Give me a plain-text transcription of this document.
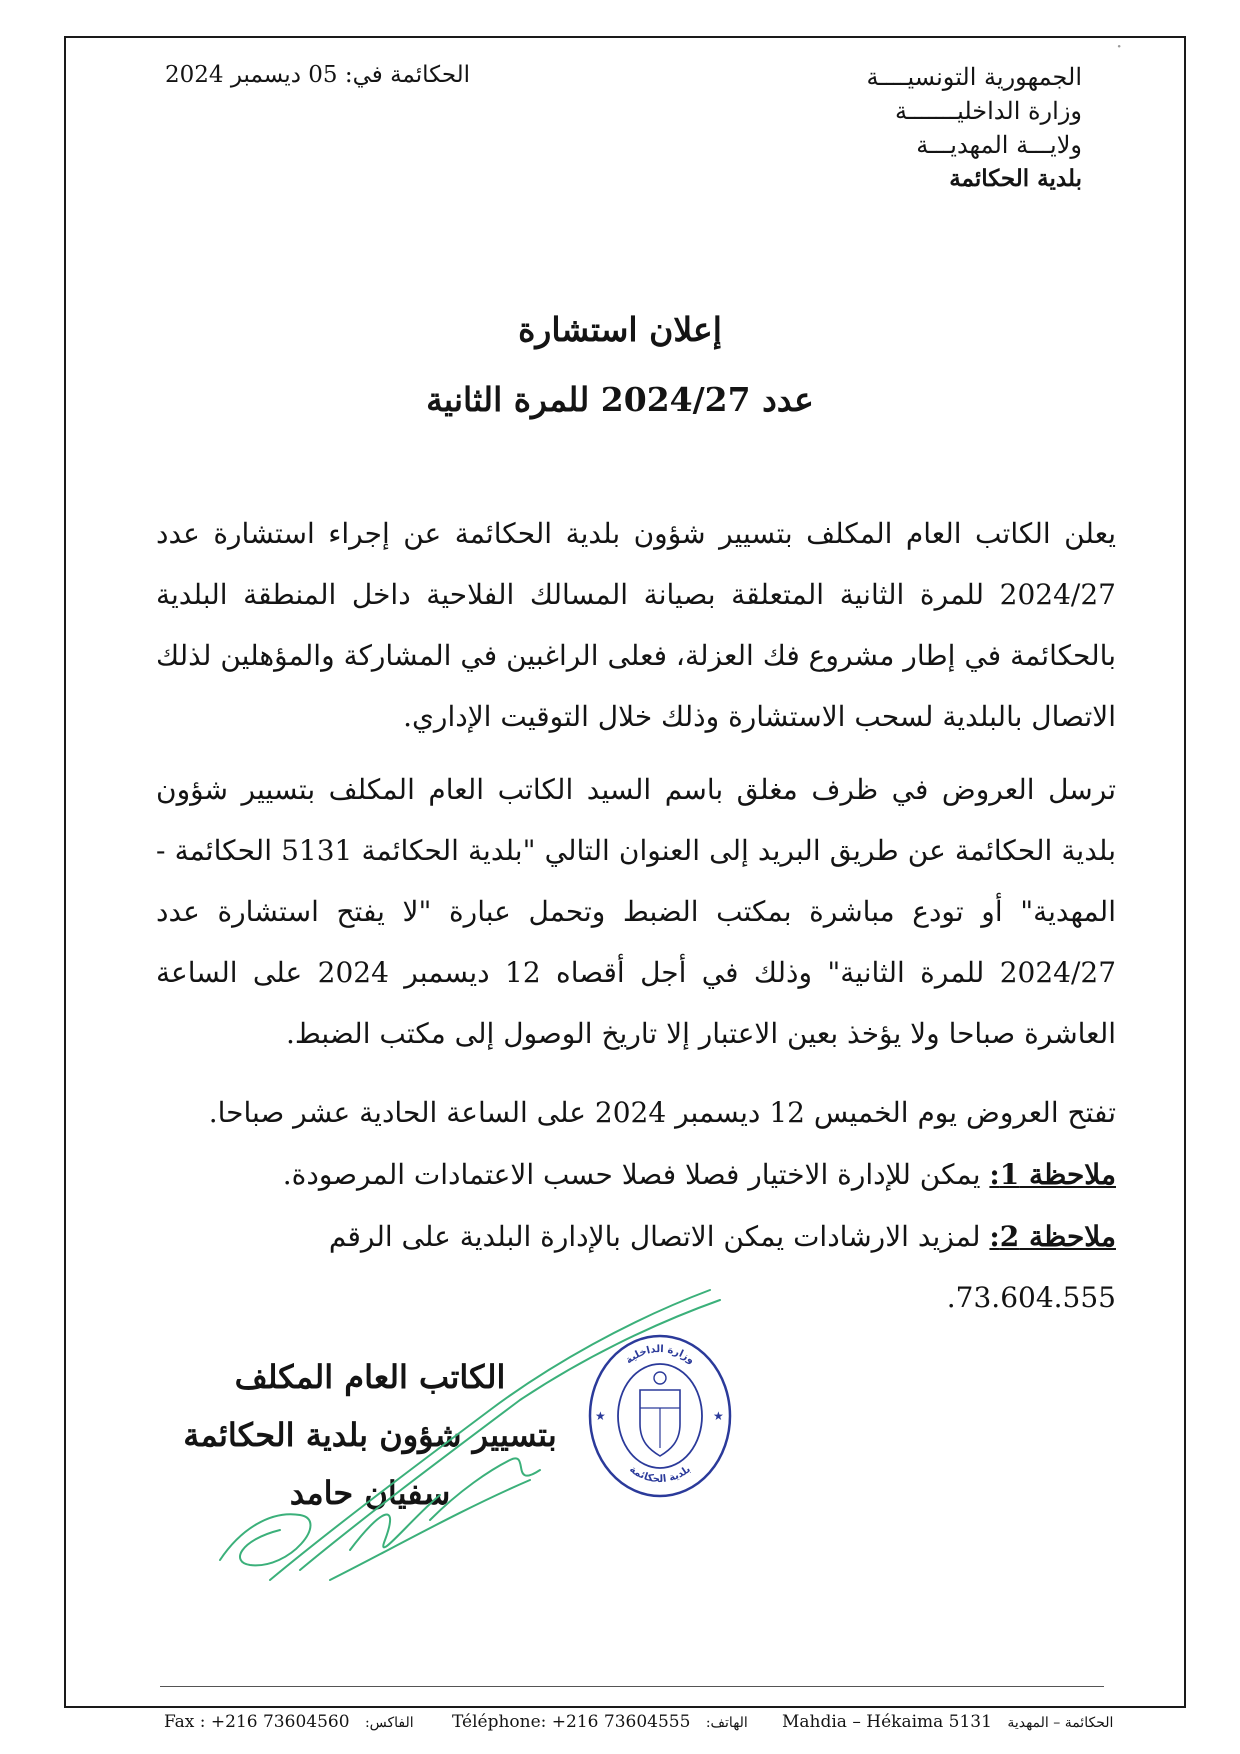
الجمهورية التونسيــــة
وزارة الداخليـــــــة
ولايـــة المهديـــة
بلدية الحكائمة
الحكائمة في: 05 ديسمبر 2024
إعلان استشارة
عدد 2024/27 للمرة الثانية
يعلن الكاتب العام المكلف بتسيير شؤون بلدية الحكائمة عن إجراء استشارة عدد 2024/27 للمرة الثانية المتعلقة بصيانة المسالك الفلاحية داخل المنطقة البلدية بالحكائمة في إطار مشروع فك العزلة، فعلى الراغبين في المشاركة والمؤهلين لذلك الاتصال بالبلدية لسحب الاستشارة وذلك خلال التوقيت الإداري.
ترسل العروض في ظرف مغلق باسم السيد الكاتب العام المكلف بتسيير شؤون بلدية الحكائمة عن طريق البريد إلى العنوان التالي "بلدية الحكائمة 5131 الحكائمة - المهدية" أو تودع مباشرة بمكتب الضبط وتحمل عبارة "لا يفتح استشارة عدد 2024/27 للمرة الثانية" وذلك في أجل أقصاه 12 ديسمبر 2024 على الساعة العاشرة صباحا ولا يؤخذ بعين الاعتبار إلا تاريخ الوصول إلى مكتب الضبط.
تفتح العروض يوم الخميس 12 ديسمبر 2024 على الساعة الحادية عشر صباحا.
ملاحظة 1: يمكن للإدارة الاختيار فصلا فصلا حسب الاعتمادات المرصودة.
ملاحظة 2: لمزيد الارشادات يمكن الاتصال بالإدارة البلدية على الرقم 73.604.555.
الكاتب العام المكلف
بتسيير شؤون بلدية الحكائمة
سفيان حامد
وزارة الداخلية
بلدية الحكائمة
★	★
Fax : +216 73604560 الفاكس: Téléphone: +216 73604555 الهاتف: Mahdia – Hékaima 5131 الحكائمة – المهدية
·
